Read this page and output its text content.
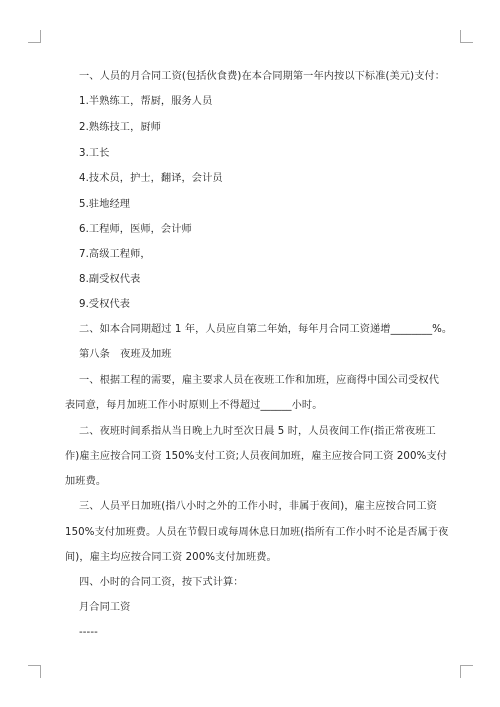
一、人员的月合同工资(包括伙食费)在本合同期第一年内按以下标准(美元)支付：
1.半熟练工，帮厨，服务人员
2.熟练技工，厨师
3.工长
4.技术员，护士，翻译，会计员
5.驻地经理
6.工程师，医师，会计师
7.高级工程师，
8.副受权代表
9.受权代表
二、如本合同期超过 1 年，人员应自第二年始，每年月合同工资递增________%。
第八条　夜班及加班
一、根据工程的需要，雇主要求人员在夜班工作和加班，应商得中国公司受权代
表同意，每月加班工作小时原则上不得超过______小时。
二、夜班时间系指从当日晚上九时至次日晨 5 时，人员夜间工作(指正常夜班工
作)雇主应按合同工资 150%支付工资;人员夜间加班，雇主应按合同工资 200%支付
加班费。
三、人员平日加班(指八小时之外的工作小时，非属于夜间)，雇主应按合同工资
150%支付加班费。人员在节假日或每周休息日加班(指所有工作小时不论是否属于夜
间)，雇主均应按合同工资 200%支付加班费。
四、小时的合同工资，按下式计算：
月合同工资
-----
